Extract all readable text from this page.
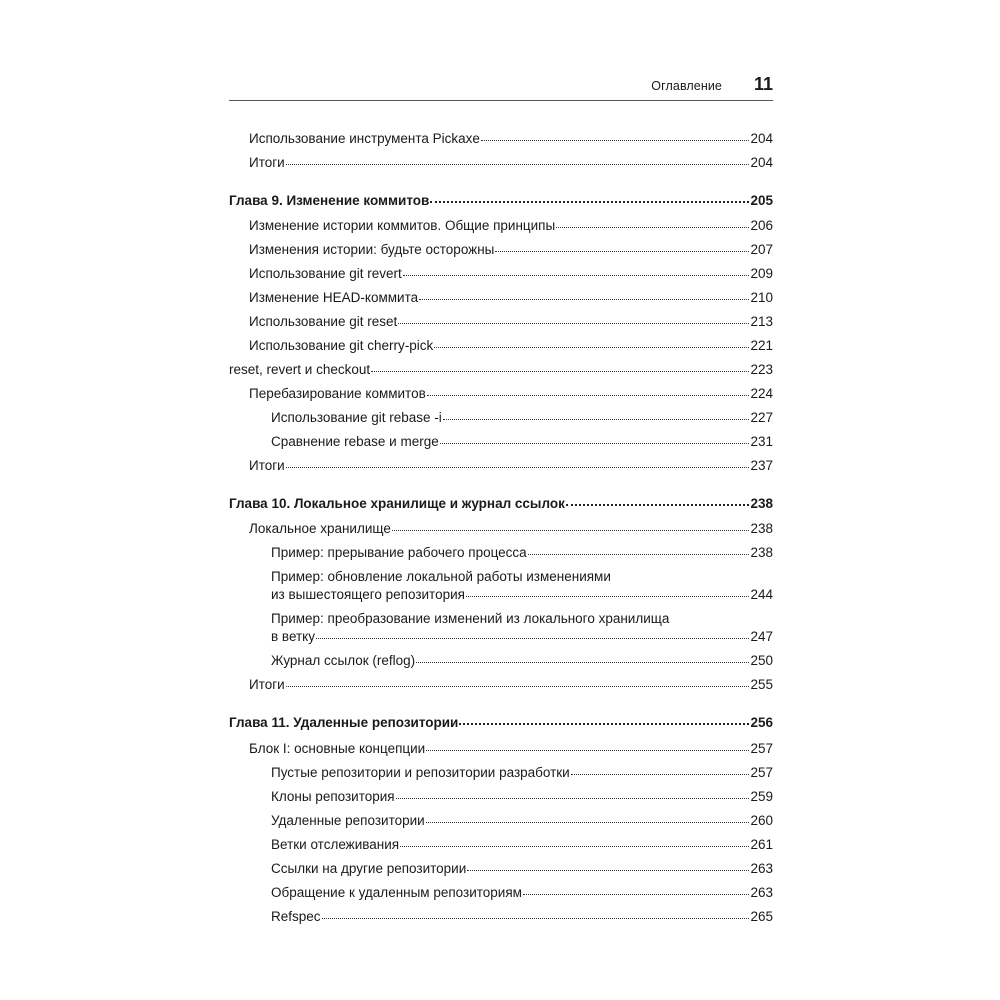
Оглавление 11
Использование инструмента Pickaxe	204
Итоги	204
Глава 9. Изменение коммитов	205
Изменение истории коммитов. Общие принципы	206
Изменения истории: будьте осторожны	207
Использование git revert	209
Изменение HEAD-коммита	210
Использование git reset	213
Использование git cherry-pick	221
reset, revert и checkout	223
Перебазирование коммитов	224
Использование git rebase -i	227
Сравнение rebase и merge	231
Итоги	237
Глава 10. Локальное хранилище и журнал ссылок	238
Локальное хранилище	238
Пример: прерывание рабочего процесса	238
Пример: обновление локальной работы изменениями
из вышестоящего репозитория	244
Пример: преобразование изменений из локального хранилища
в ветку	247
Журнал ссылок (reflog)	250
Итоги	255
Глава 11. Удаленные репозитории	256
Блок I: основные концепции	257
Пустые репозитории и репозитории разработки	257
Клоны репозитория	259
Удаленные репозитории	260
Ветки отслеживания	261
Ссылки на другие репозитории	263
Обращение к удаленным репозиториям	263
Refspec	265
